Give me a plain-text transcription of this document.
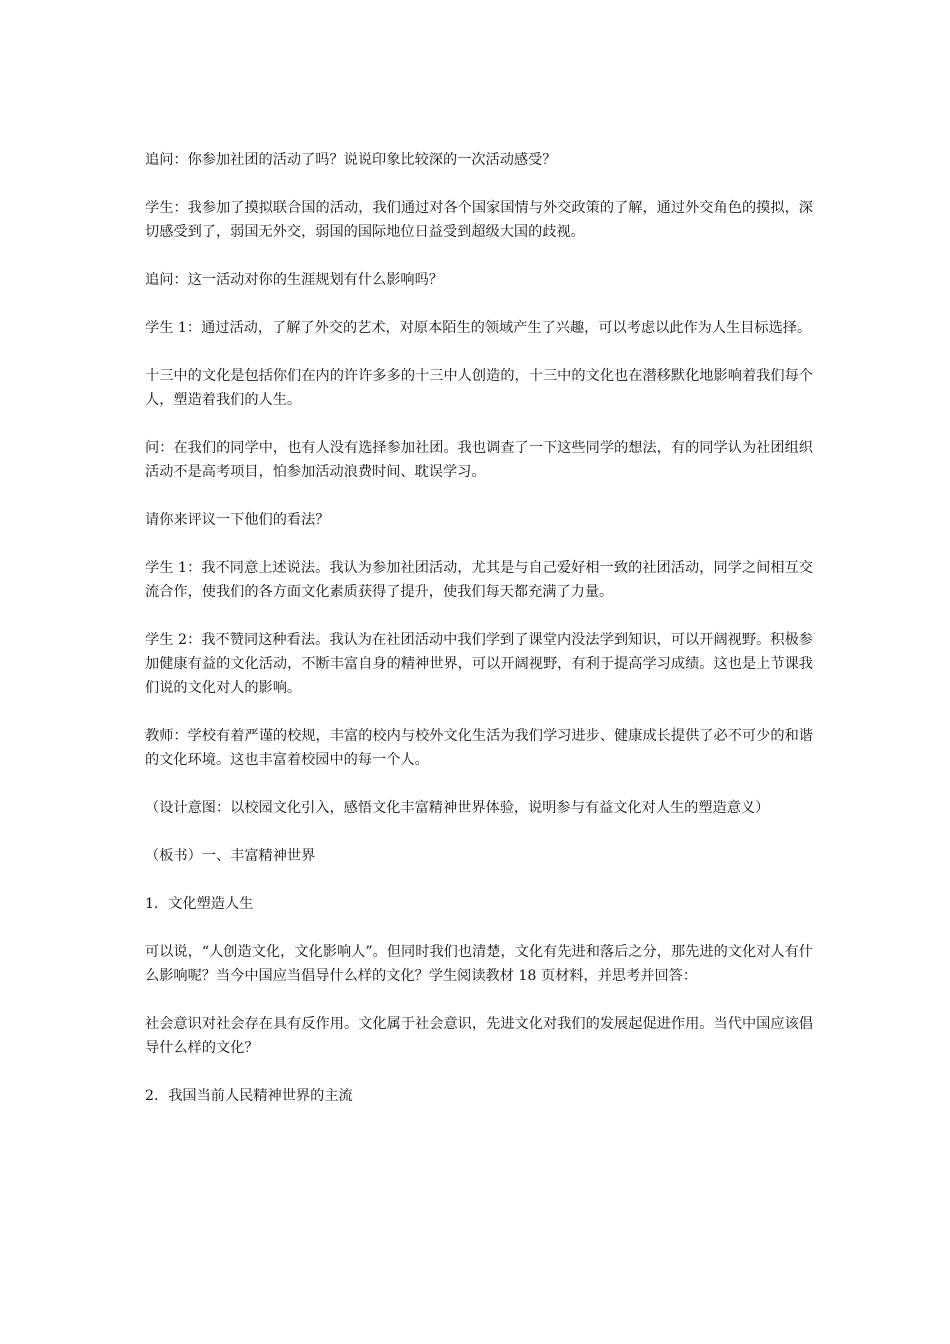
追问：你参加社团的活动了吗？说说印象比较深的一次活动感受？

学生：我参加了摸拟联合国的活动，我们通过对各个国家国情与外交政策的了解，通过外交角色的摸拟，深切感受到了，弱国无外交，弱国的国际地位日益受到超级大国的歧视。

追问：这一活动对你的生涯规划有什么影响吗？

学生 1：通过活动，了解了外交的艺术，对原本陌生的领域产生了兴趣，可以考虑以此作为人生目标选择。

十三中的文化是包括你们在内的许许多多的十三中人创造的，十三中的文化也在潜移默化地影响着我们每个人，塑造着我们的人生。

问：在我们的同学中，也有人没有选择参加社团。我也调查了一下这些同学的想法，有的同学认为社团组织活动不是高考项目，怕参加活动浪费时间、耽误学习。

请你来评议一下他们的看法？

学生 1：我不同意上述说法。我认为参加社团活动，尤其是与自己爱好相一致的社团活动，同学之间相互交流合作，使我们的各方面文化素质获得了提升，使我们每天都充满了力量。

学生 2：我不赞同这种看法。我认为在社团活动中我们学到了课堂内没法学到知识，可以开阔视野。积极参加健康有益的文化活动，不断丰富自身的精神世界，可以开阔视野，有利于提高学习成绩。这也是上节课我们说的文化对人的影响。

教师：学校有着严谨的校规，丰富的校内与校外文化生活为我们学习进步、健康成长提供了必不可少的和谐的文化环境。这也丰富着校园中的每一个人。

（设计意图：以校园文化引入，感悟文化丰富精神世界体验，说明参与有益文化对人生的塑造意义）

（板书）一、丰富精神世界

1．文化塑造人生

可以说，“人创造文化，文化影响人”。但同时我们也清楚，文化有先进和落后之分，那先进的文化对人有什么影响呢？当今中国应当倡导什么样的文化？学生阅读教材 18 页材料，并思考并回答：

社会意识对社会存在具有反作用。文化属于社会意识，先进文化对我们的发展起促进作用。当代中国应该倡导什么样的文化？

2．我国当前人民精神世界的主流
